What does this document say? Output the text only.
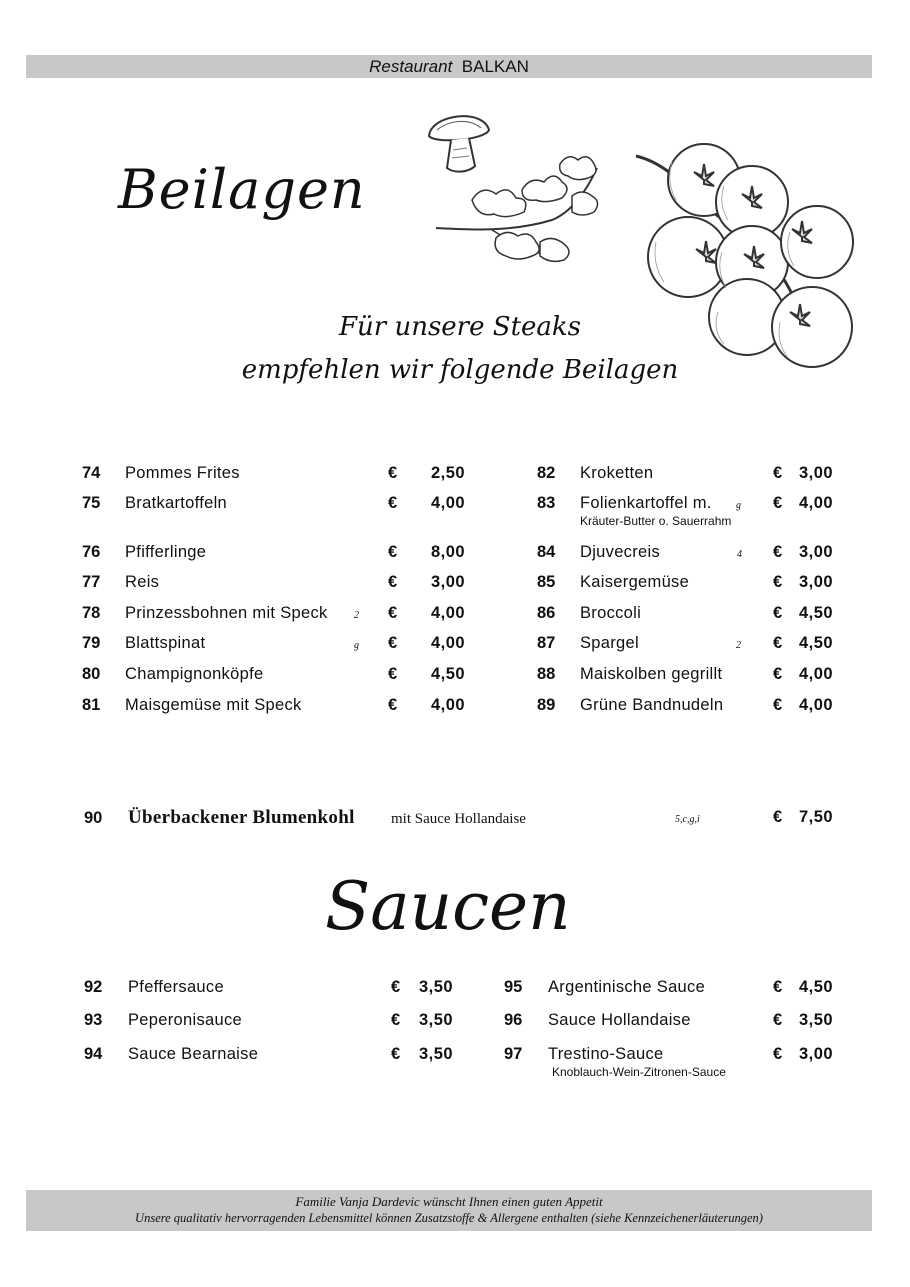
Restaurant BALKAN
Beilagen
Für unsere Steaks
empfehlen wir folgende Beilagen
74 Pommes Frites	€ 2,50
75 Bratkartoffeln	€ 4,00
76 Pfifferlinge	€ 8,00
77 Reis	€ 3,00
78 Prinzessbohnen mit Speck	€ 4,00
2
79 Blattspinat	€ 4,00
g
80 Champignonköpfe	€ 4,50
81 Maisgemüse mit Speck	€ 4,00
82 Kroketten	€ 3,00
83 Folienkartoffel m.	€ 4,00
g
Kräuter-Butter o. Sauerrahm
84 Djuvecreis	€ 3,00
4
85 Kaisergemüse	€ 3,00
86 Broccoli	€ 4,50
87 Spargel	€ 4,50
2
88 Maiskolben gegrillt	€ 4,00
89 Grüne Bandnudeln	€ 4,00
90 Überbackener Blumenkohl mit Sauce Hollandaise	5,c,g,i	€ 7,50
Saucen
92 Pfeffersauce	€ 3,50
93 Peperonisauce	€ 3,50
94 Sauce Bearnaise	€ 3,50
95 Argentinische Sauce	€ 4,50
96 Sauce Hollandaise	€ 3,50
97 Trestino-Sauce	€ 3,00
Knoblauch-Wein-Zitronen-Sauce
Familie Vanja Dardevic wünscht Ihnen einen guten Appetit
Unsere qualitativ hervorragenden Lebensmittel können Zusatzstoffe & Allergene enthalten (siehe Kennzeichenerläuterungen)
